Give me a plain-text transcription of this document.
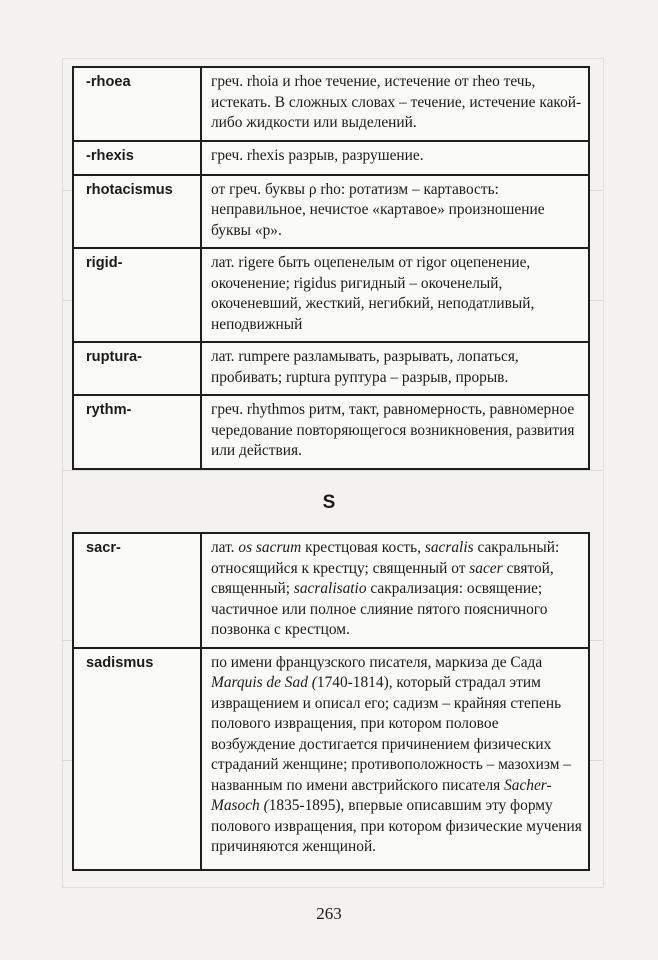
-rhoea	греч. rhoia и rhoe течение, истечение от rheo течь, истекать. В сложных словах – течение, истечение какой-либо жидкости или выделений.
-rhexis	греч. rhexis разрыв, разрушение.
rhotacismus	от греч. буквы ρ rho: ротатизм – картавость: неправильное, нечистое «картавое» произношение буквы «р».
rigid-	лат. rigere быть оцепенелым от rigor оцепенение, окоченение; rigidus ригидный – окоченелый, окоченевший, жесткий, негибкий, неподатливый, неподвижный
ruptura-	лат. rumpere разламывать, разрывать, лопаться, пробивать; ruptura руптура – разрыв, прорыв.
rythm-	греч. rhythmos ритм, такт, равномерность, равномерное чередование повторяющегося возникновения, развития или действия.
S
sacr-	лат. os sacrum крестцовая кость, sacralis сакральный: относящийся к крестцу; священный от sacer святой, священный; sacralisatio сакрализация: освящение; частичное или полное слияние пятого поясничного позвонка с крестцом.
sadismus	по имени французского писателя, маркиза де Сада Marquis de Sad (1740-1814), который страдал этим извращением и описал его; садизм – крайняя степень полового извращения, при котором половое возбуждение достигается причинением физических страданий женщине; противоположность – мазохизм – названным по имени австрийского писателя Sacher-Masoch (1835-1895), впервые описавшим эту форму полового извращения, при котором физические мучения причиняются женщиной.
263
